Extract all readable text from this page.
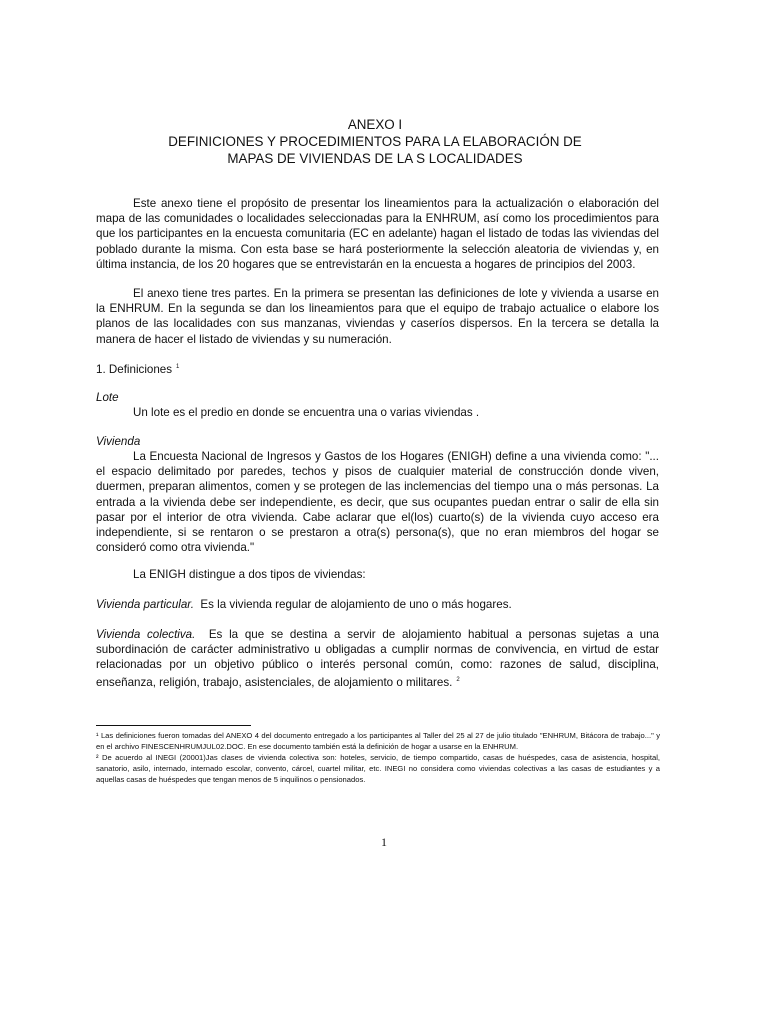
ANEXO I
DEFINICIONES Y PROCEDIMIENTOS PARA LA ELABORACIÓN DE
MAPAS DE VIVIENDAS DE LA S LOCALIDADES

Este anexo tiene el propósito de presentar los lineamientos para la actualización o elaboración del mapa de las comunidades o localidades seleccionadas para la ENHRUM, así como los procedimientos para que los participantes en la encuesta comunitaria (EC en adelante) hagan el listado de todas las viviendas del poblado durante la misma. Con esta base se hará posteriormente la selección aleatoria de viviendas y, en última instancia, de los 20 hogares que se entrevistarán en la encuesta a hogares de principios del 2003.

El anexo tiene tres partes. En la primera se presentan las definiciones de lote y vivienda a usarse en la ENHRUM. En la segunda se dan los lineamientos para que el equipo de trabajo actualice o elabore los planos de las localidades con sus manzanas, viviendas y caseríos dispersos. En la tercera se detalla la manera de hacer el listado de viviendas y su numeración.

1. Definiciones $^1$
Lote
Un lote es el predio en donde se encuentra una o varias viviendas .
Vivienda

La Encuesta Nacional de Ingresos y Gastos de los Hogares (ENIGH) define a una vivienda como: "... el espacio delimitado por paredes, techos y pisos de cualquier material de construcción donde viven, duermen, preparan alimentos, comen y se protegen de las inclemencias del tiempo una o más personas. La entrada a la vivienda debe ser independiente, es decir, que sus ocupantes puedan entrar o salir de ella sin pasar por el interior de otra vivienda. Cabe aclarar que el(los) cuarto(s) de la vivienda cuyo acceso era independiente, si se rentaron o se prestaron a otra(s) persona(s), que no eran miembros del hogar se consideró como otra vivienda."

La ENIGH distingue a dos tipos de viviendas:
Vivienda particular. Es la vivienda regular de alojamiento de uno o más hogares.
Vivienda colectiva. Es la que se destina a servir de alojamiento habitual a personas sujetas a una subordinación de carácter administrativo u obligadas a cumplir normas de convivencia, en virtud de estar relacionadas por un objetivo público o interés personal común, como: razones de salud, disciplina, enseñanza, religión, trabajo, asistenciales, de alojamiento o militares. $^2$

¹ Las definiciones fueron tomadas del ANEXO 4 del documento entregado a los participantes al Taller del 25 al 27 de julio titulado "ENHRUM, Bitácora de trabajo..." y en el archivo FINESCENHRUMJUL02.DOC. En ese documento también está la definición de hogar a usarse en la ENHRUM.

² De acuerdo al INEGI (20001)Jas clases de vivienda colectiva son: hoteles, servicio, de tiempo compartido, casas de huéspedes, casa de asistencia, hospital, sanatorio, asilo, internado, internado escolar, convento, cárcel, cuartel militar, etc. INEGI no considera como viviendas colectivas a las casas de estudiantes y a aquellas casas de huéspedes que tengan menos de 5 inquilinos o pensionados.

1
